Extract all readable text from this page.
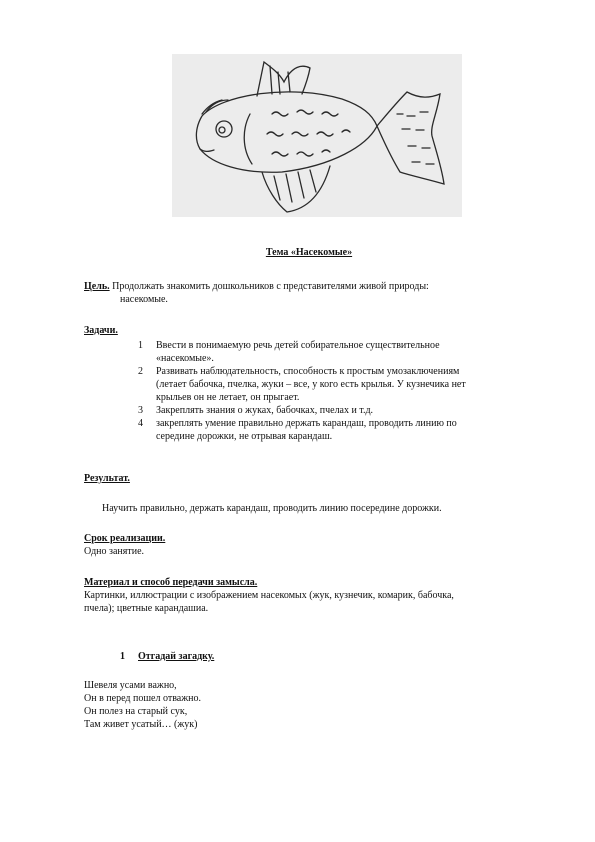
Тема «Насекомые»
Цель. Продолжать знакомить дошкольников с представителями живой природы:
насекомые.
Задачи.
1 Ввести в понимаемую речь детей собирательное существительное
«насекомые».
2 Развивать наблюдательность, способность к простым умозаключениям
(летает бабочка, пчелка, жуки – все, у кого есть крылья. У кузнечика нет
крыльев он не летает, он прыгает.
3 Закреплять знания о жуках, бабочках, пчелах и т.д.
4 закреплять умение правильно держать карандаш, проводить линию по
середине дорожки, не отрывая карандаш.
Результат.
Научить правильно, держать карандаш, проводить линию посередине дорожки.
Срок реализации.
Одно занятие.
Материал и способ передачи замысла.
Картинки, иллюстрации с изображением насекомых (жук, кузнечик, комарик, бабочка,
пчела); цветные карандашиа.
1 Отгадай загадку.
Шевеля усами важно,
Он в перед пошел отважно.
Он полез на старый сук,
Там живет усатый… (жук)
